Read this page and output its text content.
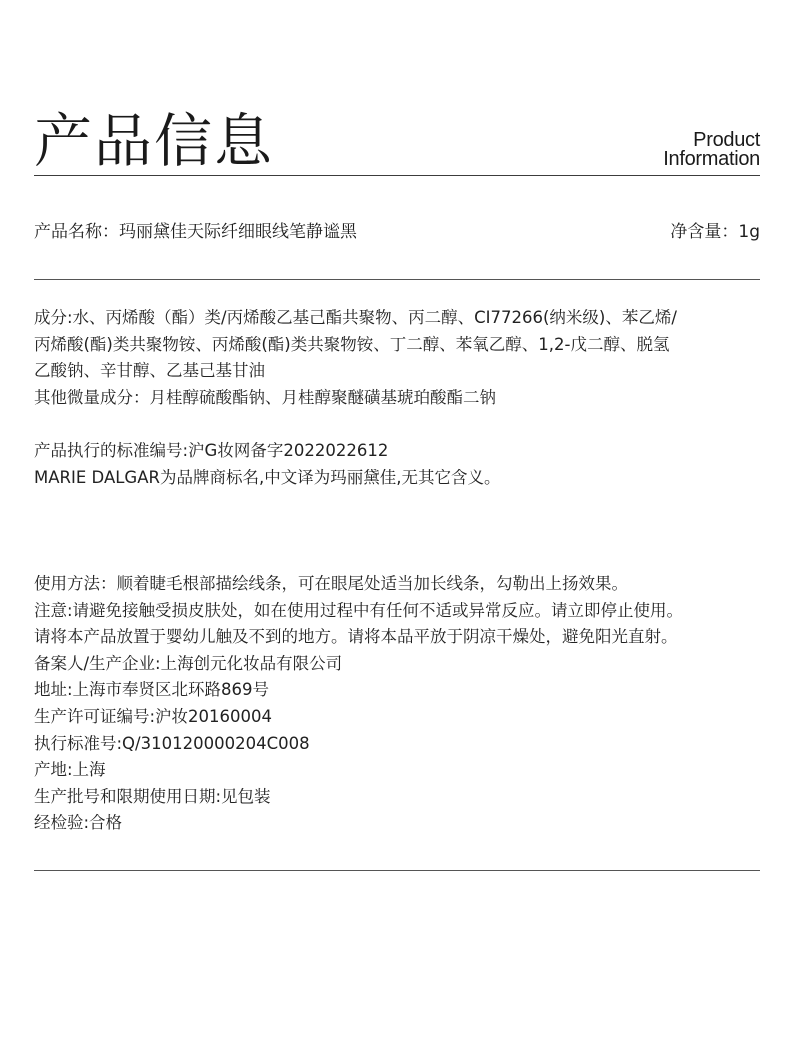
产品信息	Product
Information
产品名称：玛丽黛佳天际纤细眼线笔静谧黑	净含量：1g

成分:水、丙烯酸（酯）类/丙烯酸乙基己酯共聚物、丙二醇、CI77266(纳米级)、苯乙烯/

丙烯酸(酯)类共聚物铵、丙烯酸(酯)类共聚物铵、丁二醇、苯氧乙醇、1,2-戊二醇、脱氢

乙酸钠、辛甘醇、乙基己基甘油

其他微量成分：月桂醇硫酸酯钠、月桂醇聚醚磺基琥珀酸酯二钠

产品执行的标准编号:沪G妆网备字2022022612

MARIE DALGAR为品牌商标名,中文译为玛丽黛佳,无其它含义。

使用方法：顺着睫毛根部描绘线条，可在眼尾处适当加长线条，勾勒出上扬效果。

注意:请避免接触受损皮肤处，如在使用过程中有任何不适或异常反应。请立即停止使用。

请将本产品放置于婴幼儿触及不到的地方。请将本品平放于阴凉干燥处，避免阳光直射。

备案人/生产企业:上海创元化妆品有限公司

地址:上海市奉贤区北环路869号

生产许可证编号:沪妆20160004

执行标准号:Q/310120000204C008

产地:上海

生产批号和限期使用日期:见包装

经检验:合格
